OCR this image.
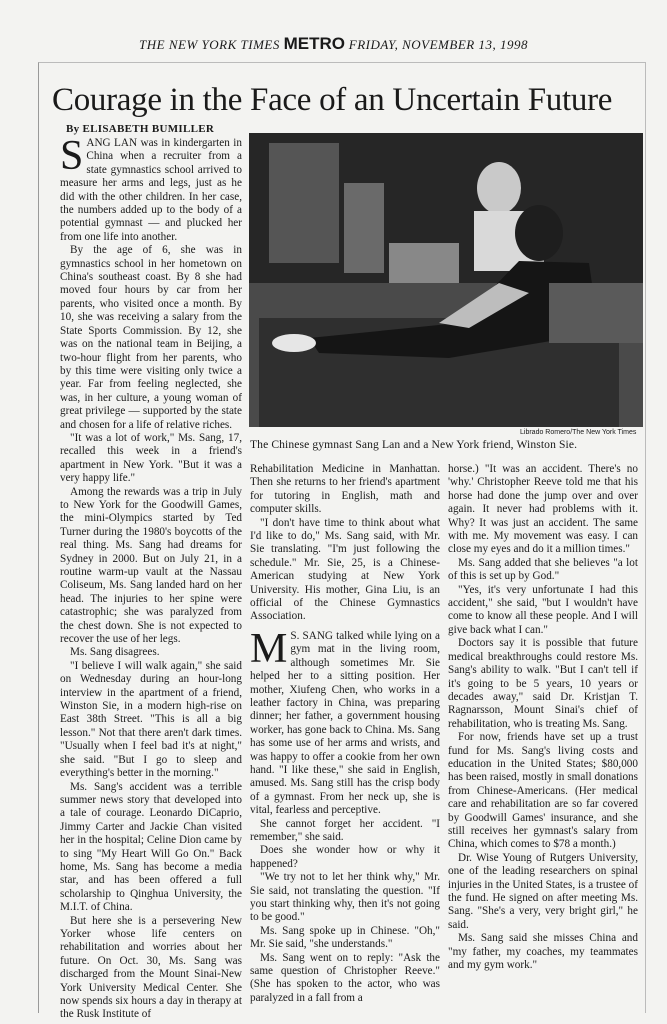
THE NEW YORK TIMES METRO FRIDAY, NOVEMBER 13, 1998
Courage in the Face of an Uncertain Future
By ELISABETH BUMILLER

SANG LAN was in kindergarten in China when a recruiter from a state gymnastics school arrived to measure her arms and legs, just as he did with the other children. In her case, the numbers added up to the body of a potential gymnast — and plucked her from one life into another.

By the age of 6, she was in gymnastics school in her hometown on China's southeast coast. By 8 she had moved four hours by car from her parents, who visited once a month. By 10, she was receiving a salary from the State Sports Commission. By 12, she was on the national team in Beijing, a two-hour flight from her parents, who by this time were visiting only twice a year. Far from feeling neglected, she was, in her culture, a young woman of great privilege — supported by the state and chosen for a life of relative riches.

"It was a lot of work," Ms. Sang, 17, recalled this week in a friend's apartment in New York. "But it was a very happy life."

Among the rewards was a trip in July to New York for the Goodwill Games, the mini-Olympics started by Ted Turner during the 1980's boycotts of the real thing. Ms. Sang had dreams for Sydney in 2000. But on July 21, in a routine warm-up vault at the Nassau Coliseum, Ms. Sang landed hard on her head. The injuries to her spine were catastrophic; she was paralyzed from the chest down. She is not expected to recover the use of her legs.

Ms. Sang disagrees.

"I believe I will walk again," she said on Wednesday during an hour-long interview in the apartment of a friend, Winston Sie, in a modern high-rise on East 38th Street. "This is all a big lesson." Not that there aren't dark times. "Usually when I feel bad it's at night," she said. "But I go to sleep and everything's better in the morning."

Ms. Sang's accident was a terrible summer news story that developed into a tale of courage. Leonardo DiCaprio, Jimmy Carter and Jackie Chan visited her in the hospital; Celine Dion came by to sing "My Heart Will Go On." Back home, Ms. Sang has become a media star, and has been offered a full scholarship to Qinghua University, the M.I.T. of China.

But here she is a persevering New Yorker whose life centers on rehabilitation and worries about her future. On Oct. 30, Ms. Sang was discharged from the Mount Sinai-New York University Medical Center. She now spends six hours a day in therapy at the Rusk Institute of

Librado Romero/The New York Times
The Chinese gymnast Sang Lan and a New York friend, Winston Sie.

Rehabilitation Medicine in Manhattan. Then she returns to her friend's apartment for tutoring in English, math and computer skills.

"I don't have time to think about what I'd like to do," Ms. Sang said, with Mr. Sie translating. "I'm just following the schedule." Mr. Sie, 25, is a Chinese-American studying at New York University. His mother, Gina Liu, is an official of the Chinese Gymnastics Association.

M S. SANG talked while lying on a gym mat in the living room, although sometimes Mr. Sie helped her to a sitting position. Her mother, Xiufeng Chen, who works in a leather factory in China, was preparing dinner; her father, a government housing worker, has gone back to China. Ms. Sang has some use of her arms and wrists, and was happy to offer a cookie from her own hand. "I like these," she said in English, amused. Ms. Sang still has the crisp body of a gymnast. From her neck up, she is vital, fearless and perceptive.

She cannot forget her accident. "I remember," she said.

Does she wonder how or why it happened?

"We try not to let her think why," Mr. Sie said, not translating the question. "If you start thinking why, then it's not going to be good."

Ms. Sang spoke up in Chinese. "Oh," Mr. Sie said, "she understands."

Ms. Sang went on to reply: "Ask the same question of Christopher Reeve." (She has spoken to the actor, who was paralyzed in a fall from a

horse.) "It was an accident. There's no 'why.' Christopher Reeve told me that his horse had done the jump over and over again. It never had problems with it. Why? It was just an accident. The same with me. My movement was easy. I can close my eyes and do it a million times."

Ms. Sang added that she believes "a lot of this is set up by God."

"Yes, it's very unfortunate I had this accident," she said, "but I wouldn't have come to know all these people. And I will give back what I can."

Doctors say it is possible that future medical breakthroughs could restore Ms. Sang's ability to walk. "But I can't tell if it's going to be 5 years, 10 years or decades away," said Dr. Kristjan T. Ragnarsson, Mount Sinai's chief of rehabilitation, who is treating Ms. Sang.

For now, friends have set up a trust fund for Ms. Sang's living costs and education in the United States; $80,000 has been raised, mostly in small donations from Chinese-Americans. (Her medical care and rehabilitation are so far covered by Goodwill Games' insurance, and she still receives her gymnast's salary from China, which comes to $78 a month.)

Dr. Wise Young of Rutgers University, one of the leading researchers on spinal injuries in the United States, is a trustee of the fund. He signed on after meeting Ms. Sang. "She's a very, very bright girl," he said.

Ms. Sang said she misses China and "my father, my coaches, my teammates and my gym work."
